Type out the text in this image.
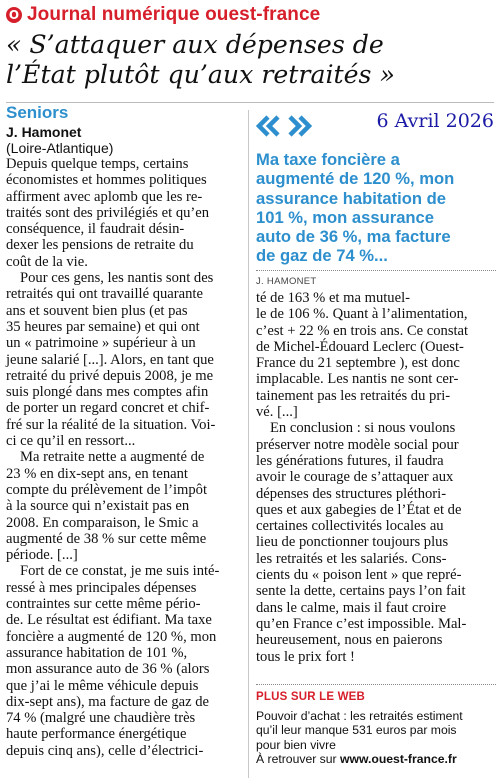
O Journal numérique ouest-france
« S’attaquer aux dépenses de
l’État plutôt qu’aux retraités »
Seniors
J. Hamonet
(Loire-Atlantique)
Depuis quelque temps, certains
économistes et hommes politiques
affirment avec aplomb que les re-
traités sont des privilégiés et qu’en
conséquence, il faudrait désin-
dexer les pensions de retraite du
coût de la vie.
Pour ces gens, les nantis sont des
retraités qui ont travaillé quarante
ans et souvent bien plus (et pas
35 heures par semaine) et qui ont
un « patrimoine » supérieur à un
jeune salarié [...]. Alors, en tant que
retraité du privé depuis 2008, je me
suis plongé dans mes comptes afin
de porter un regard concret et chif-
fré sur la réalité de la situation. Voi-
ci ce qu’il en ressort...
Ma retraite nette a augmenté de
23 % en dix-sept ans, en tenant
compte du prélèvement de l’impôt
à la source qui n’existait pas en
2008. En comparaison, le Smic a
augmenté de 38 % sur cette même
période. [...]
Fort de ce constat, je me suis inté-
ressé à mes principales dépenses
contraintes sur cette même pério-
de. Le résultat est édifiant. Ma taxe
foncière a augmenté de 120 %, mon
assurance habitation de 101 %,
mon assurance auto de 36 % (alors
que j’ai le même véhicule depuis
dix-sept ans), ma facture de gaz de
74 % (malgré une chaudière très
haute performance énergétique
depuis cinq ans), celle d’électrici-
6 Avril 2026
Ma taxe foncière a
augmenté de 120 %, mon
assurance habitation de
101 %, mon assurance
auto de 36 %, ma facture
de gaz de 74 %...
J. HAMONET
té de 163 % et ma mutuel-
le de 106 %. Quant à l’alimentation,
c’est + 22 % en trois ans. Ce constat
de Michel-Édouard Leclerc (Ouest-
France du 21 septembre ), est donc
implacable. Les nantis ne sont cer-
tainement pas les retraités du pri-
vé. [...]
En conclusion : si nous voulons
préserver notre modèle social pour
les générations futures, il faudra
avoir le courage de s’attaquer aux
dépenses des structures pléthori-
ques et aux gabegies de l’État et de
certaines collectivités locales au
lieu de ponctionner toujours plus
les retraités et les salariés. Cons-
cients du « poison lent » que repré-
sente la dette, certains pays l’on fait
dans le calme, mais il faut croire
qu’en France c’est impossible. Mal-
heureusement, nous en paierons
tous le prix fort !
PLUS SUR LE WEB
Pouvoir d’achat : les retraités estiment
qu’il leur manque 531 euros par mois
pour bien vivre
À retrouver sur www.ouest-france.fr
